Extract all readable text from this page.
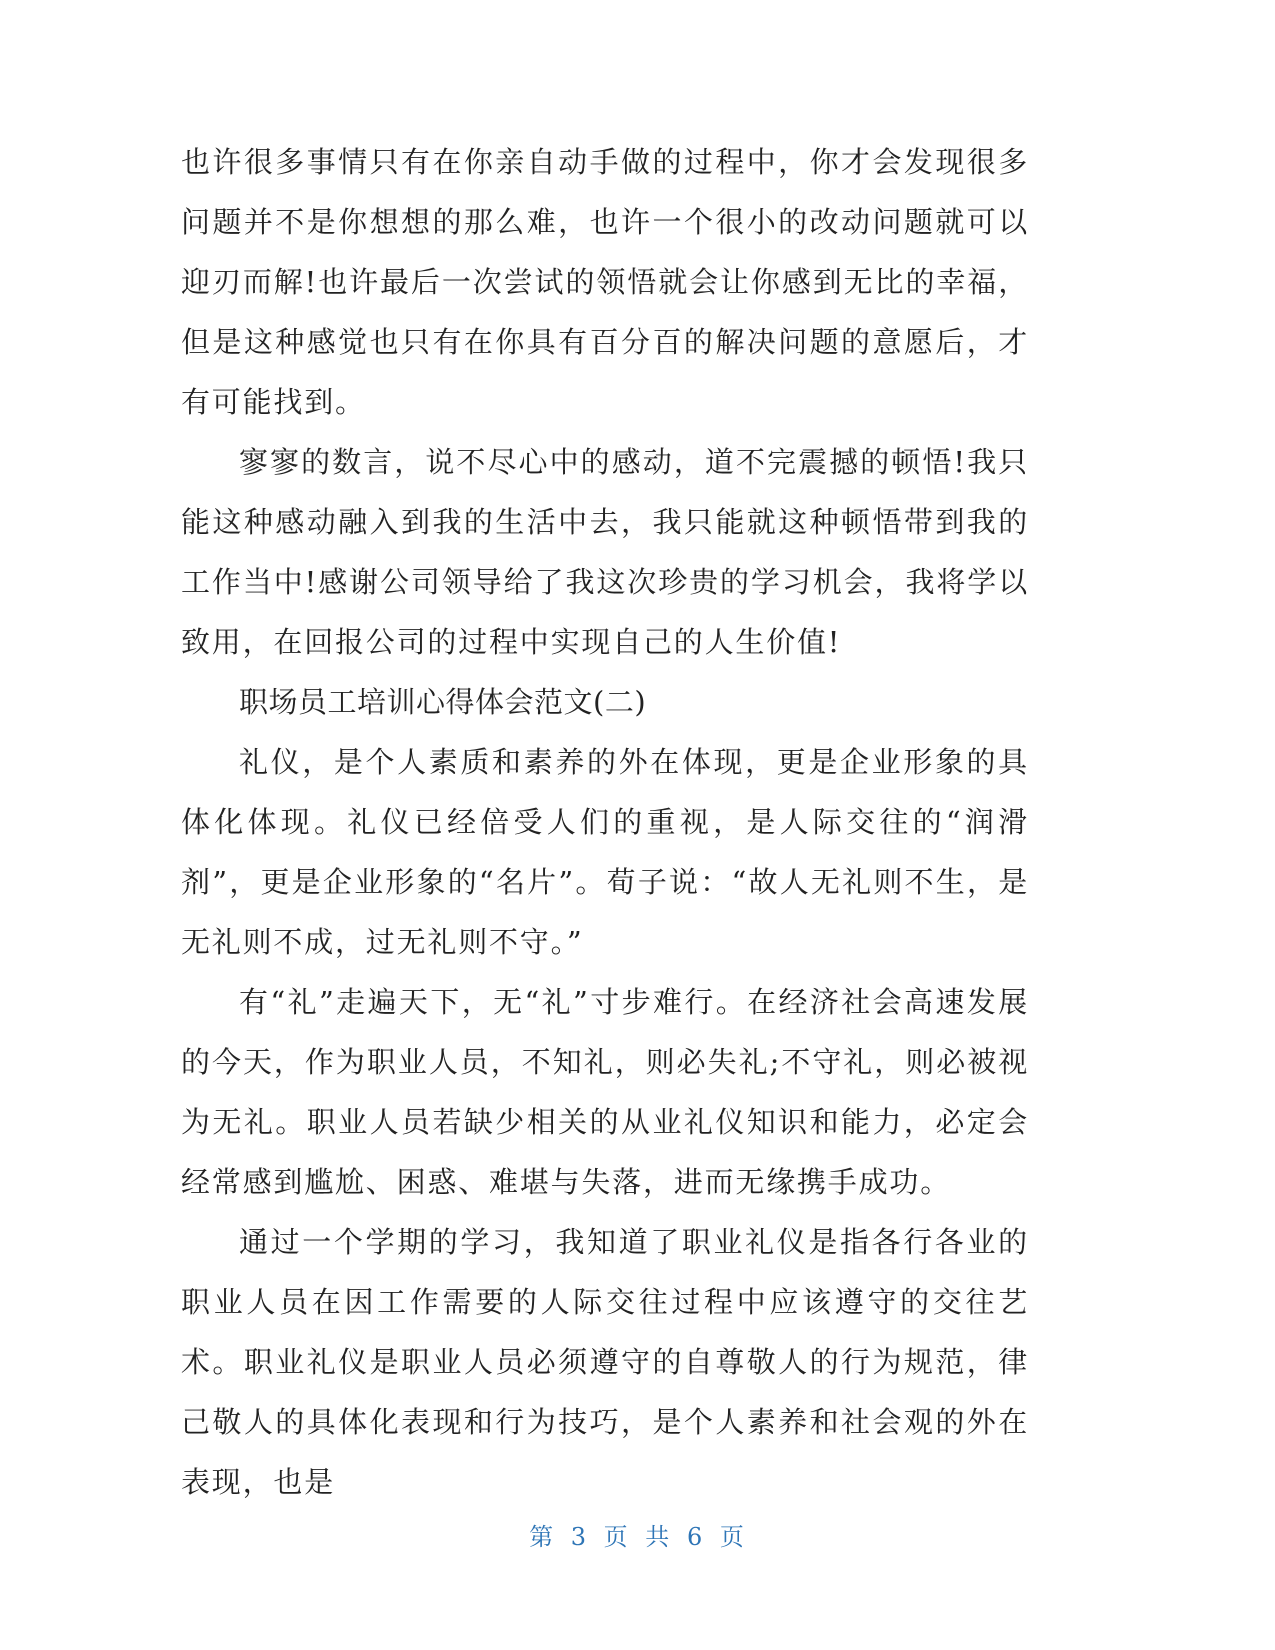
也许很多事情只有在你亲自动手做的过程中，你才会发现很多问题并不是你想想的那么难，也许一个很小的改动问题就可以迎刃而解!也许最后一次尝试的领悟就会让你感到无比的幸福，但是这种感觉也只有在你具有百分百的解决问题的意愿后，才有可能找到。

寥寥的数言，说不尽心中的感动，道不完震撼的顿悟!我只能这种感动融入到我的生活中去，我只能就这种顿悟带到我的工作当中!感谢公司领导给了我这次珍贵的学习机会，我将学以致用，在回报公司的过程中实现自己的人生价值!

职场员工培训心得体会范文(二)

礼仪，是个人素质和素养的外在体现，更是企业形象的具体化体现。礼仪已经倍受人们的重视，是人际交往的“润滑剂”，更是企业形象的“名片”。荀子说：“故人无礼则不生，是无礼则不成，过无礼则不守。”

有“礼”走遍天下，无“礼”寸步难行。在经济社会高速发展的今天，作为职业人员，不知礼，则必失礼;不守礼，则必被视为无礼。职业人员若缺少相关的从业礼仪知识和能力，必定会经常感到尴尬、困惑、难堪与失落，进而无缘携手成功。

通过一个学期的学习，我知道了职业礼仪是指各行各业的职业人员在因工作需要的人际交往过程中应该遵守的交往艺术。职业礼仪是职业人员必须遵守的自尊敬人的行为规范，律己敬人的具体化表现和行为技巧，是个人素养和社会观的外在表现，也是

第 3 页 共 6 页
